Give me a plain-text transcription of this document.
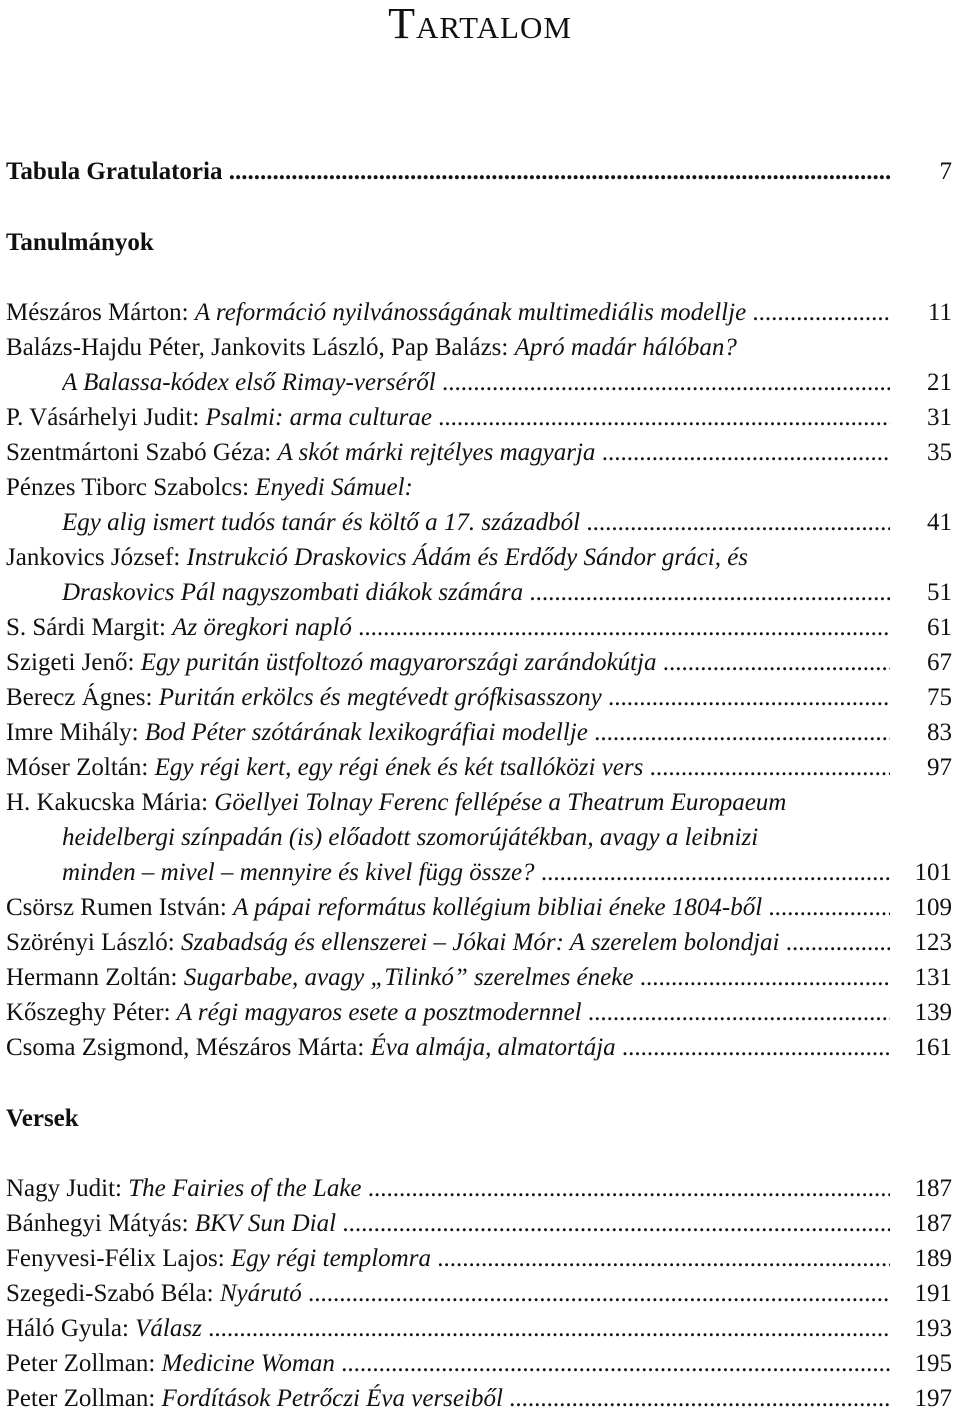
Tartalom
Tabula Gratulatoria .....	7
Tanulmányok
Mészáros Márton: A reformáció nyilvánosságának multimediális modellje .....	11
Balázs-Hajdu Péter, Jankovits László, Pap Balázs: Apró madár hálóban?
A Balassa-kódex első Rimay-verséről .....	21
P. Vásárhelyi Judit: Psalmi: arma culturae .....	31
Szentmártoni Szabó Géza: A skót márki rejtélyes magyarja .....	35
Pénzes Tiborc Szabolcs: Enyedi Sámuel:
Egy alig ismert tudós tanár és költő a 17. századból .....	41
Jankovics József: Instrukció Draskovics Ádám és Erdődy Sándor gráci, és
Draskovics Pál nagyszombati diákok számára .....	51
S. Sárdi Margit: Az öregkori napló .....	61
Szigeti Jenő: Egy puritán üstfoltozó magyarországi zarándokútja .....	67
Berecz Ágnes: Puritán erkölcs és megtévedt grófkisasszony .....	75
Imre Mihály: Bod Péter szótárának lexikográfiai modellje .....	83
Móser Zoltán: Egy régi kert, egy régi ének és két tsallóközi vers .....	97
H. Kakucska Mária: Göellyei Tolnay Ferenc fellépése a Theatrum Europaeum
heidelbergi színpadán (is) előadott szomorújátékban, avagy a leibnizi
minden – mivel – mennyire és kivel függ össze? .....	101
Csörsz Rumen István: A pápai református kollégium bibliai éneke 1804-ből .....	109
Szörényi László: Szabadság és ellenszerei – Jókai Mór: A szerelem bolondjai .....	123
Hermann Zoltán: Sugarbabe, avagy „Tilinkó” szerelmes éneke .....	131
Kőszeghy Péter: A régi magyaros esete a posztmodernnel .....	139
Csoma Zsigmond, Mészáros Márta: Éva almája, almatortája .....	161
Versek
Nagy Judit: The Fairies of the Lake .....	187
Bánhegyi Mátyás: BKV Sun Dial .....	187
Fenyvesi-Félix Lajos: Egy régi templomra .....	189
Szegedi-Szabó Béla: Nyárutó .....	191
Háló Gyula: Válasz .....	193
Peter Zollman: Medicine Woman .....	195
Peter Zollman: Fordítások Petrőczi Éva verseiből .....	197
